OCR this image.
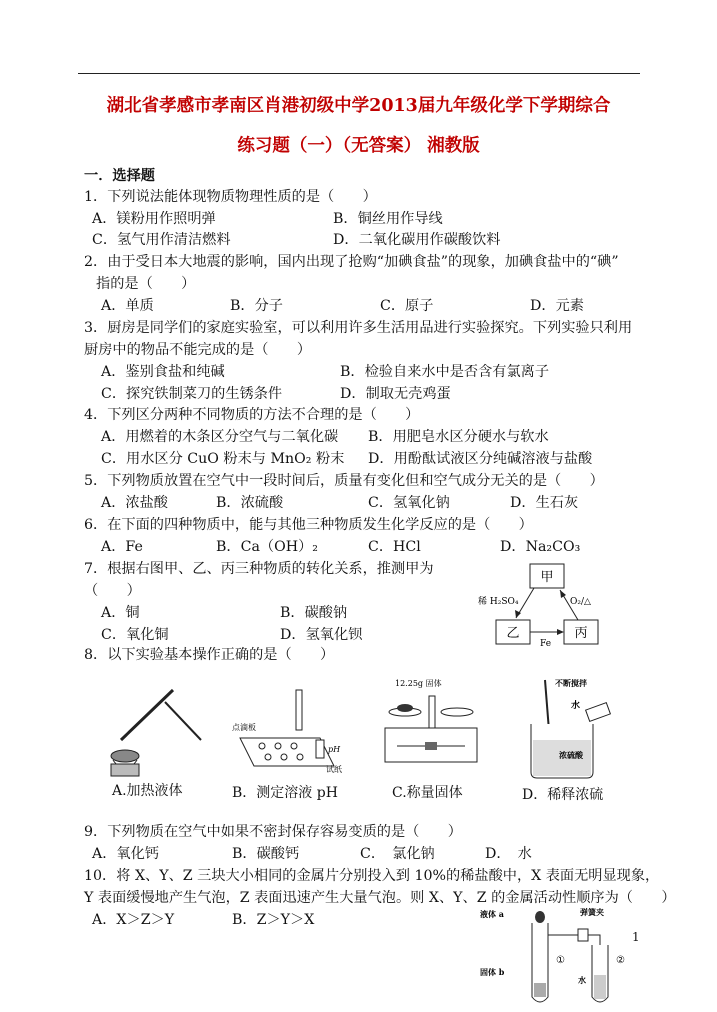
湖北省孝感市孝南区肖港初级中学2013届九年级化学下学期综合
练习题（一）（无答案） 湘教版
一．选择题
1．下列说法能体现物质物理性质的是（　　）
A．镁粉用作照明弹	B．铜丝用作导线
C．氢气用作清洁燃料	D．二氧化碳用作碳酸饮料
2．由于受日本大地震的影响，国内出现了抢购“加碘食盐”的现象，加碘食盐中的“碘”
指的是（　　）
A．单质	B．分子	C．原子	D．元素
3．厨房是同学们的家庭实验室，可以利用许多生活用品进行实验探究。下列实验只利用
厨房中的物品不能完成的是（　　）
A．鉴别食盐和纯碱	B．检验自来水中是否含有氯离子
C．探究铁制菜刀的生锈条件	D．制取无壳鸡蛋
4．下列区分两种不同物质的方法不合理的是（　　）
A．用燃着的木条区分空气与二氧化碳 B．用肥皂水区分硬水与软水
C．用水区分 CuO 粉末与 MnO₂ 粉末 D．用酚酞试液区分纯碱溶液与盐酸
5．下列物质放置在空气中一段时间后，质量有变化但和空气成分无关的是（　　）
A．浓盐酸	B．浓硫酸	C．氢氧化钠	D．生石灰
6．在下面的四种物质中，能与其他三种物质发生化学反应的是（　　）
A．Fe	B．Ca（OH）₂	C．HCl	D．Na₂CO₃
7．根据右图甲、乙、丙三种物质的转化关系，推测甲为
（　　）
A．铜	B．碳酸钠
C．氧化铜	D．氢氧化钡
甲
乙	丙
稀 H₂SO₄	O₂/△
Fe
8．以下实验基本操作正确的是（　　）
A.加热液体
点滴板
pH
试纸
B．测定溶液 pH
12.25g 固体
C.称量固体
不断搅拌
水
浓硫酸
D．稀释浓硫
9．下列物质在空气中如果不密封保存容易变质的是（　　）
A．氧化钙	B．碳酸钙	C．　氯化钠	D．　水
10．将 X、Y、Z 三块大小相同的金属片分别投入到 10%的稀盐酸中，X 表面无明显现象，
Y 表面缓慢地产生气泡，Z 表面迅速产生大量气泡。则 X、Y、Z 的金属活动性顺序为（　　）
A．X＞Z＞Y	B．Z＞Y＞X	液体 a	弹簧夹
固体 b
水
①	②
1
